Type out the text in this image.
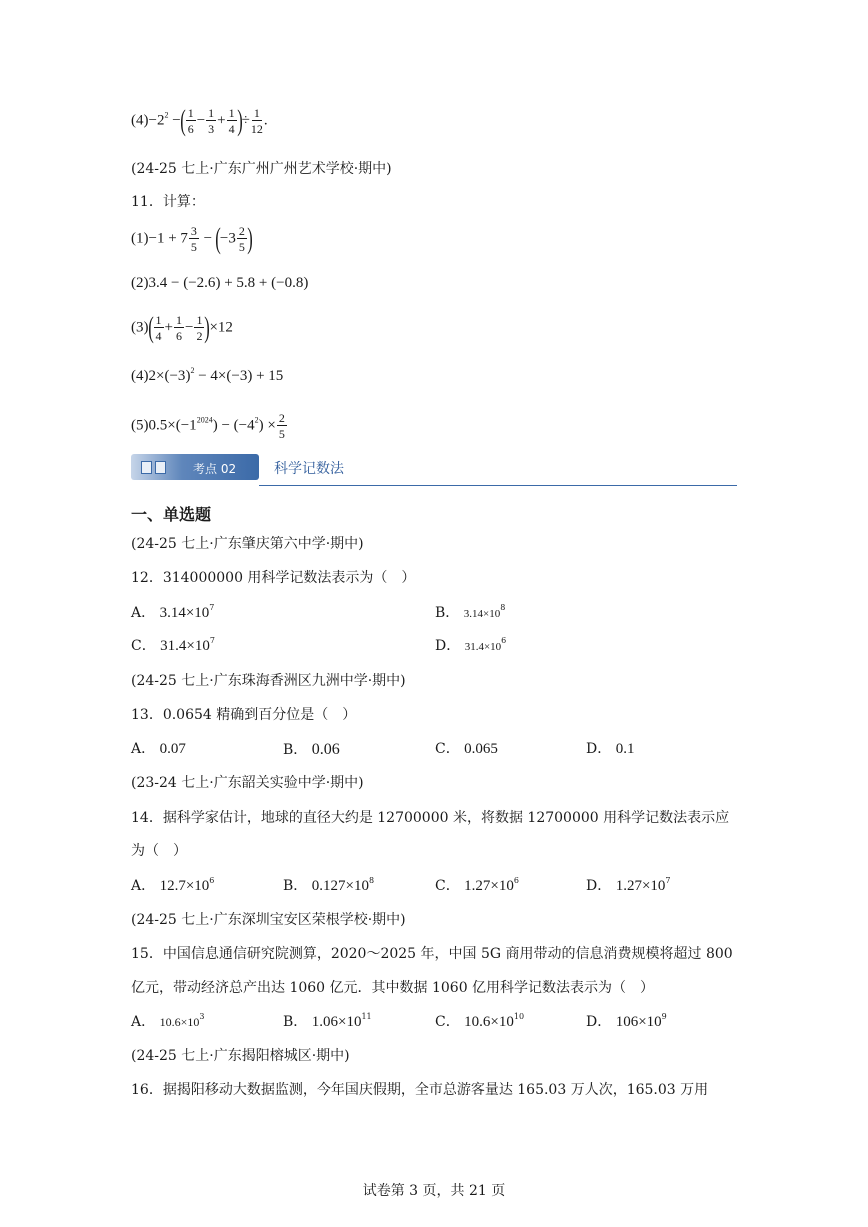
$(4)-2^2$ −( $\frac{1}{6} - \frac{1}{3} + \frac{1}{4}$ )÷ $\frac{1}{12}$ .
(24-25 七上·广东广州广州艺术学校·期中)
11．计算：
$(1)-1 + 7 \frac{3}{5} - (-3 \frac{2}{5}$ )
(2)3.4 − (−2.6) + 5.8 + (−0.8)
$(3)( \frac{1}{4} + \frac{1}{6} - \frac{1}{2} )\times 12$
$(4)2\times(-3)^2 - 4\times(-3) + 15$
$(5)0.5\times(-1^{2024}) - (-4^2) \times \frac{2}{5}$
考点 02	科学记数法
一、单选题
(24-25 七上·广东肇庆第六中学·期中)
12．314000000 用科学记数法表示为（　）
A． $3.14\times 10^7$	B． $3.14\times 10^8$
C． $31.4\times 10^7$	D． $31.4\times 10^6$
(24-25 七上·广东珠海香洲区九洲中学·期中)
13．0.0654 精确到百分位是（　）
A． 0.07	B． 0.06	C． 0.065	D． 0.1
(23-24 七上·广东韶关实验中学·期中)
14．据科学家估计，地球的直径大约是 12700000 米，将数据 12700000 用科学记数法表示应
为（　）
A． $12.7\times 10^6$	B． $0.127\times 10^8$	C． $1.27\times 10^6$	D． $1.27\times 10^7$
(24-25 七上·广东深圳宝安区荣根学校·期中)
15．中国信息通信研究院测算，2020～2025 年，中国 5G 商用带动的信息消费规模将超过 800
亿元，带动经济总产出达 1060 亿元．其中数据 1060 亿用科学记数法表示为（　）
A． $10.6\times 10^3$	B． $1.06\times 10^{11}$	C． $10.6\times 10^{10}$	D． $106\times 10^9$
(24-25 七上·广东揭阳榕城区·期中)
16．据揭阳移动大数据监测，今年国庆假期，全市总游客量达 165.03 万人次，165.03 万用
试卷第 3 页，共 21 页
